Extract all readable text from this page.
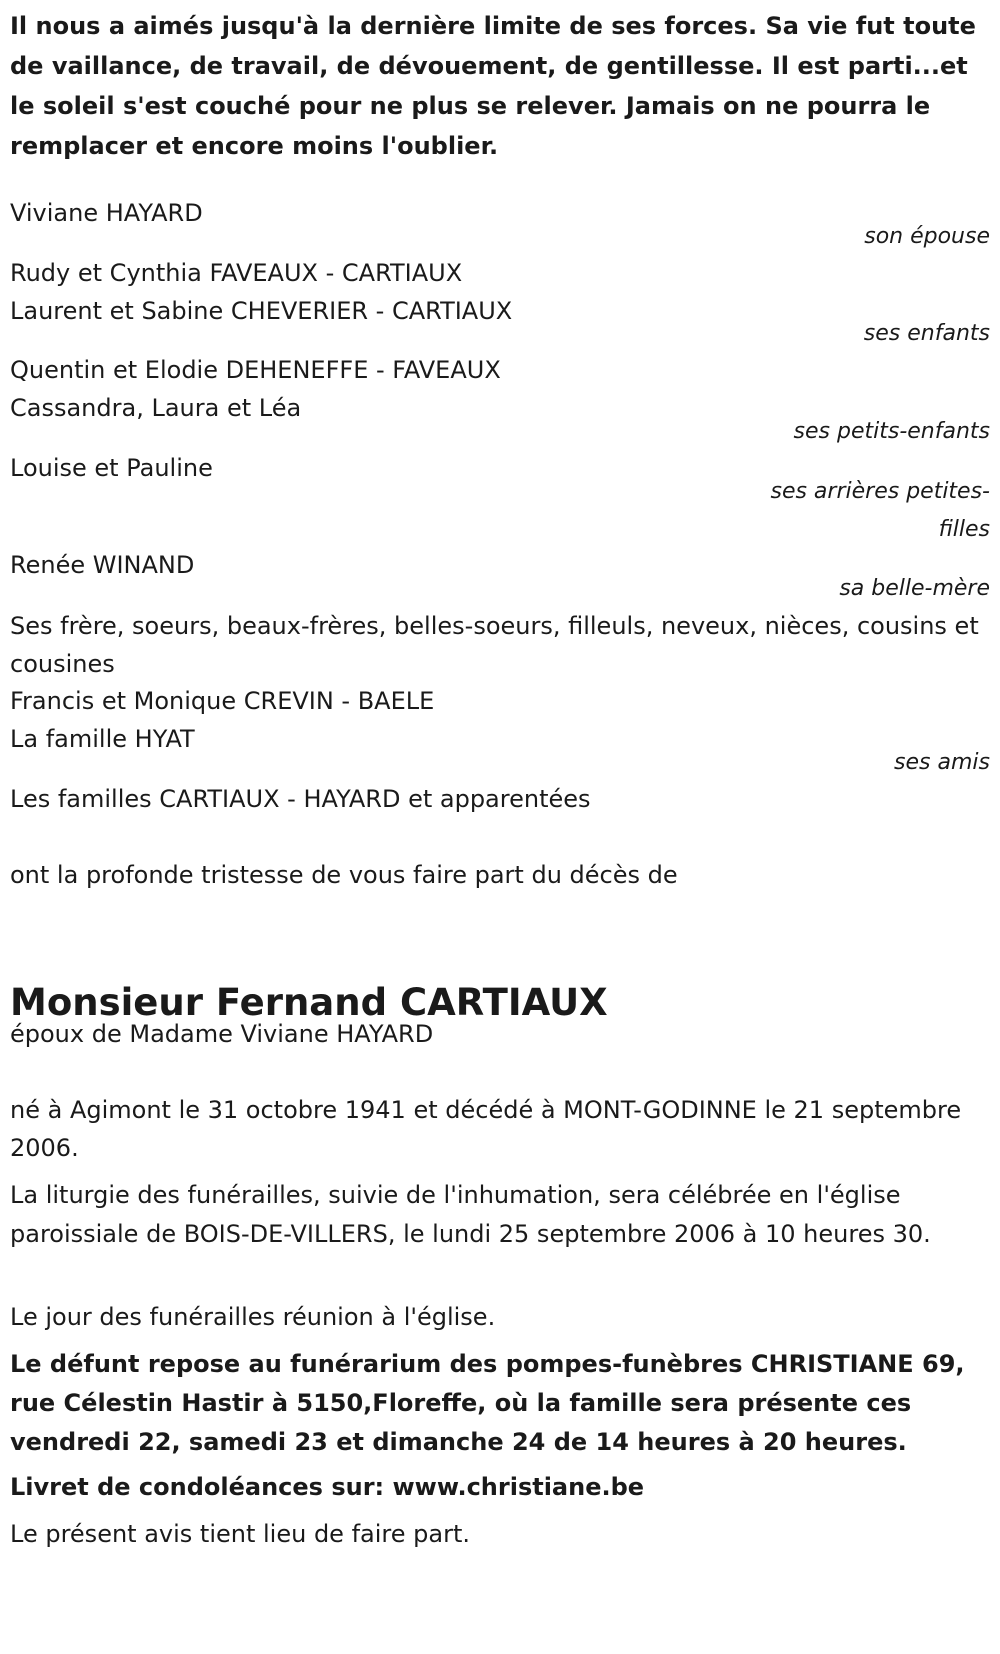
Il nous a aimés jusqu'à la dernière limite de ses forces. Sa vie fut toute de vaillance, de travail, de dévouement, de gentillesse. Il est parti...et le soleil s'est couché pour ne plus se relever. Jamais on ne pourra le remplacer et encore moins l'oublier.
Viviane HAYARD
son épouse
Rudy et Cynthia FAVEAUX - CARTIAUX
Laurent et Sabine CHEVERIER - CARTIAUX
ses enfants
Quentin et Elodie DEHENEFFE - FAVEAUX
Cassandra, Laura et Léa
ses petits-enfants
Louise et Pauline
ses arrières petites-filles
Renée WINAND
sa belle-mère
Ses frère, soeurs, beaux-frères, belles-soeurs, filleuls, neveux, nièces, cousins et cousines
Francis et Monique CREVIN - BAELE
La famille HYAT
ses amis
Les familles CARTIAUX - HAYARD et apparentées
ont la profonde tristesse de vous faire part du décès de
Monsieur Fernand CARTIAUX
époux de Madame Viviane HAYARD
né à Agimont le 31 octobre 1941 et décédé à MONT-GODINNE le 21 septembre 2006.
La liturgie des funérailles, suivie de l'inhumation, sera célébrée en l'église paroissiale de BOIS-DE-VILLERS, le lundi 25 septembre 2006 à 10 heures 30.
Le jour des funérailles réunion à l'église.
Le défunt repose au funérarium des pompes-funèbres CHRISTIANE 69, rue Célestin Hastir à 5150,Floreffe, où la famille sera présente ces vendredi 22, samedi 23 et dimanche 24 de 14 heures à 20 heures.
Livret de condoléances sur: www.christiane.be
Le présent avis tient lieu de faire part.
